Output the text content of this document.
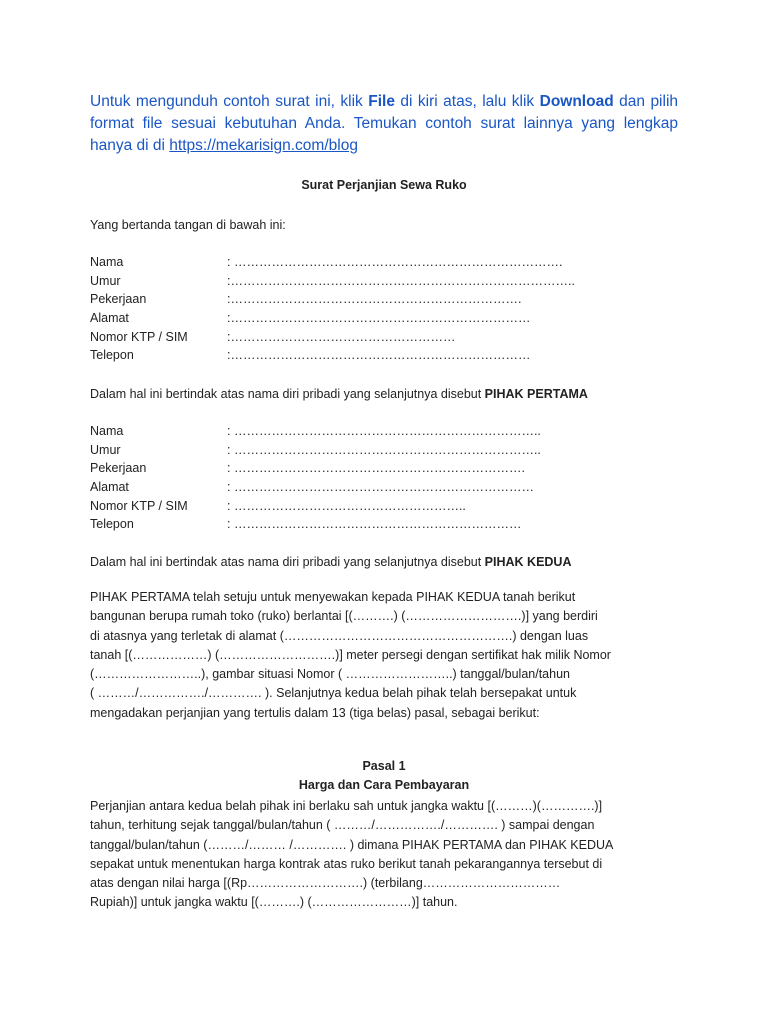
Untuk mengunduh contoh surat ini, klik File di kiri atas, lalu klik Download dan pilih format file sesuai kebutuhan Anda. Temukan contoh surat lainnya yang lengkap hanya di di https://mekarisign.com/blog
Surat Perjanjian Sewa Ruko
Yang bertanda tangan di bawah ini:
Nama	: …………………………………………………………………….
Umur	:………………………………………………………………………..
Pekerjaan	:…………………………………………………………….
Alamat	:………………………………………………………………
Nomor KTP / SIM	:………………………………………………
Telepon	:………………………………………………………………
Dalam hal ini bertindak atas nama diri pribadi yang selanjutnya disebut PIHAK PERTAMA
Nama	: ………………………………………………………………..
Umur	: ………………………………………………………………..
Pekerjaan	: …………………………………………………………….
Alamat	: ………………………………………………………………
Nomor KTP / SIM	: ………………………………………………..
Telepon	: ……………………………………………………………
Dalam hal ini bertindak atas nama diri pribadi yang selanjutnya disebut PIHAK KEDUA
PIHAK PERTAMA telah setuju untuk menyewakan kepada PIHAK KEDUA tanah berikut
bangunan berupa rumah toko (ruko) berlantai [(……….) (……………………….)] yang berdiri
di atasnya yang terletak di alamat (……………………………………………….) dengan luas
tanah [(………………) (……………………….)] meter persegi dengan sertifikat hak milik Nomor
(……………………..), gambar situasi Nomor ( ……………………..) tanggal/bulan/tahun
( ………/……………./…………. ). Selanjutnya kedua belah pihak telah bersepakat untuk
mengadakan perjanjian yang tertulis dalam 13 (tiga belas) pasal, sebagai berikut:
Pasal 1
Harga dan Cara Pembayaran
Perjanjian antara kedua belah pihak ini berlaku sah untuk jangka waktu [(………)(………….)]
tahun, terhitung sejak tanggal/bulan/tahun ( ………/……………./…………. ) sampai dengan
tanggal/bulan/tahun (………/……… /…………. ) dimana PIHAK PERTAMA dan PIHAK KEDUA
sepakat untuk menentukan harga kontrak atas ruko berikut tanah pekarangannya tersebut di
atas dengan nilai harga [(Rp……………………….) (terbilang……………………………
Rupiah)] untuk jangka waktu [(……….) (……………………)] tahun.
